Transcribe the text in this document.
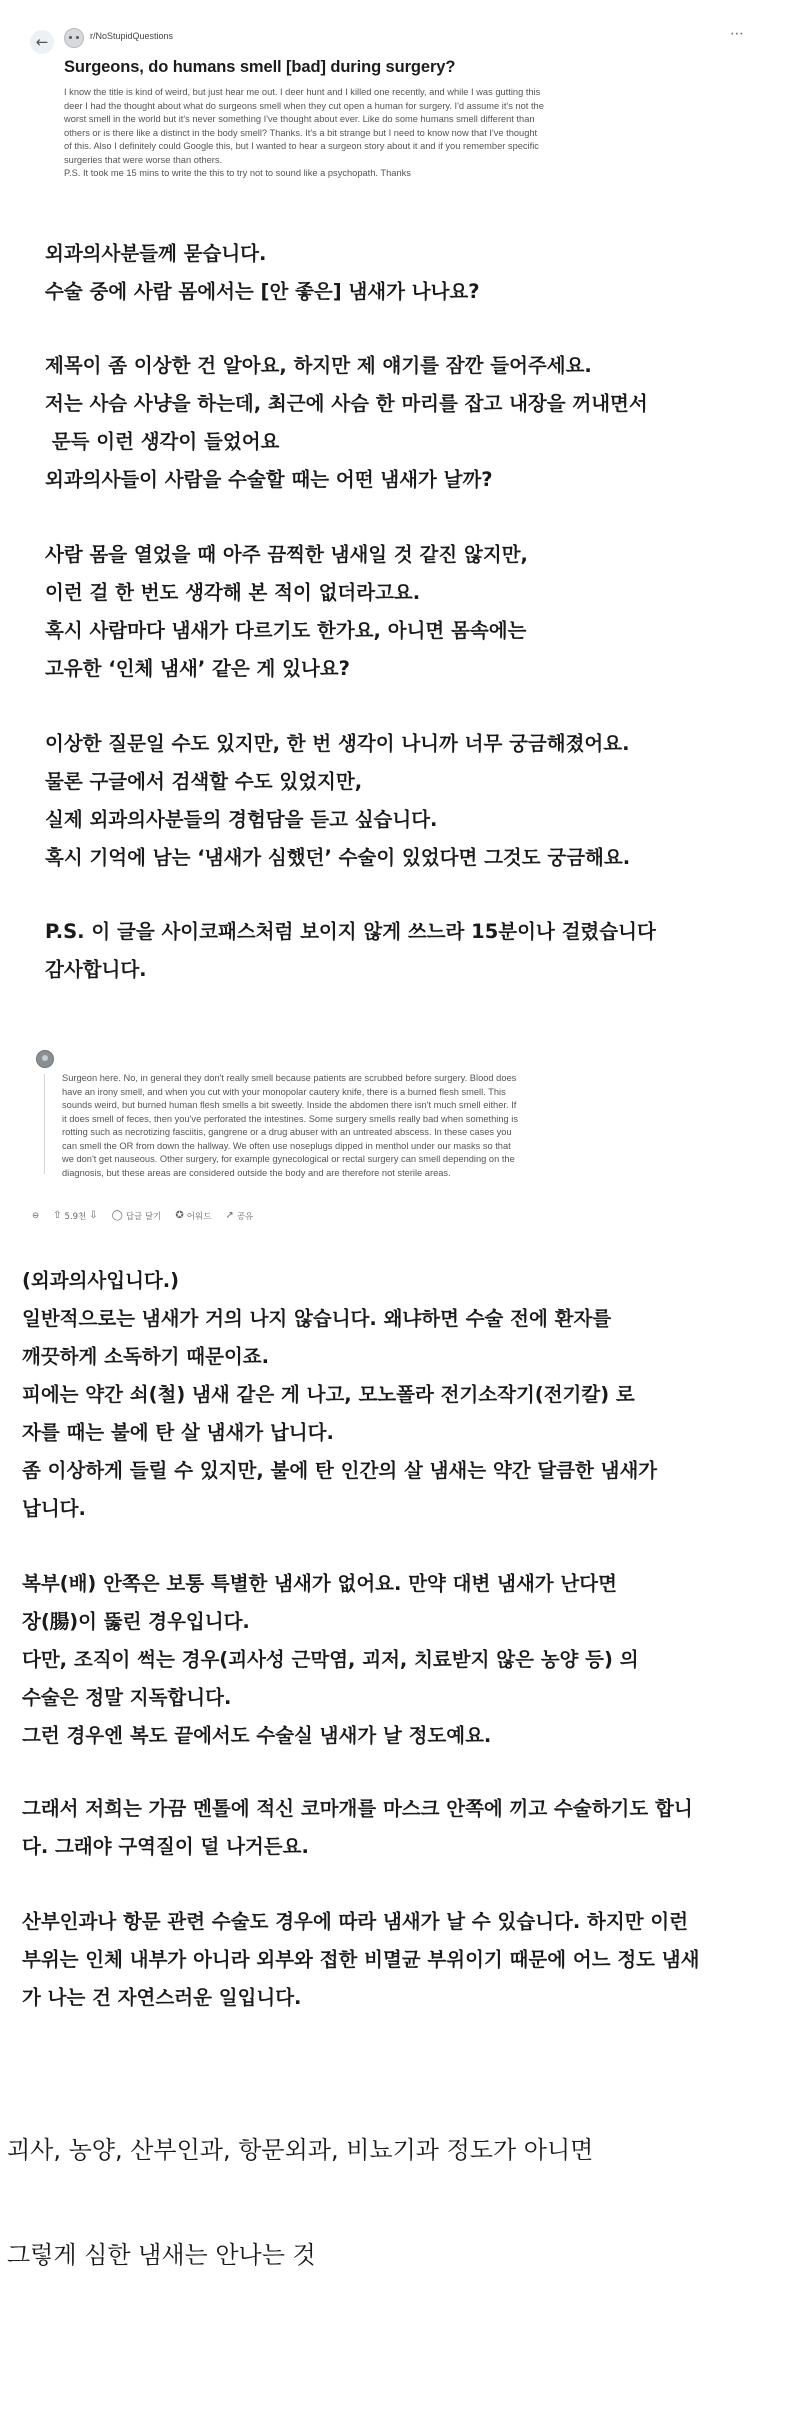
←	r/NoStupidQuestions	⋯
Surgeons, do humans smell [bad] during surgery?
I know the title is kind of weird, but just hear me out. I deer hunt and I killed one recently, and while I was gutting this
deer I had the thought about what do surgeons smell when they cut open a human for surgery. I'd assume it's not the
worst smell in the world but it's never something I've thought about ever. Like do some humans smell different than
others or is there like a distinct in the body smell? Thanks. It's a bit strange but I need to know now that I've thought
of this. Also I definitely could Google this, but I wanted to hear a surgeon story about it and if you remember specific
surgeries that were worse than others.
P.S. It took me 15 mins to write the this to try not to sound like a psychopath. Thanks

외과의사분들께 묻습니다.

수술 중에 사람 몸에서는 [안 좋은] 냄새가 나나요?

제목이 좀 이상한 건 알아요, 하지만 제 얘기를 잠깐 들어주세요.

저는 사슴 사냥을 하는데, 최근에 사슴 한 마리를 잡고 내장을 꺼내면서

문득 이런 생각이 들었어요

외과의사들이 사람을 수술할 때는 어떤 냄새가 날까?

사람 몸을 열었을 때 아주 끔찍한 냄새일 것 같진 않지만,

이런 걸 한 번도 생각해 본 적이 없더라고요.

혹시 사람마다 냄새가 다르기도 한가요, 아니면 몸속에는

고유한 ‘인체 냄새’ 같은 게 있나요?

이상한 질문일 수도 있지만, 한 번 생각이 나니까 너무 궁금해졌어요.

물론 구글에서 검색할 수도 있었지만,

실제 외과의사분들의 경험담을 듣고 싶습니다.

혹시 기억에 남는 ‘냄새가 심했던’ 수술이 있었다면 그것도 궁금해요.

P.S. 이 글을 사이코패스처럼 보이지 않게 쓰느라 15분이나 걸렸습니다

감사합니다.

Surgeon here. No, in general they don't really smell because patients are scrubbed before surgery. Blood does
have an irony smell, and when you cut with your monopolar cautery knife, there is a burned flesh smell. This
sounds weird, but burned human flesh smells a bit sweetly. Inside the abdomen there isn't much smell either. If
it does smell of feces, then you've perforated the intestines. Some surgery smells really bad when something is
rotting such as necrotizing fasciitis, gangrene or a drug abuser with an untreated abscess. In these cases you
can smell the OR from down the hallway. We often use noseplugs dipped in menthol under our masks so that
we don't get nauseous. Other surgery, for example gynecological or rectal surgery can smell depending on the
diagnosis, but these areas are considered outside the body and are therefore not sterile areas.
⊖ ⇧ 5.9천 ⇩ ◯ 답글 달기 ✪ 어워드 ↗ 공유

(외과의사입니다.)

일반적으로는 냄새가 거의 나지 않습니다. 왜냐하면 수술 전에 환자를

깨끗하게 소독하기 때문이죠.

피에는 약간 쇠(철) 냄새 같은 게 나고, 모노폴라 전기소작기(전기칼) 로

자를 때는 불에 탄 살 냄새가 납니다.

좀 이상하게 들릴 수 있지만, 불에 탄 인간의 살 냄새는 약간 달큼한 냄새가

납니다.

복부(배) 안쪽은 보통 특별한 냄새가 없어요. 만약 대변 냄새가 난다면

장(腸)이 뚫린 경우입니다.

다만, 조직이 썩는 경우(괴사성 근막염, 괴저, 치료받지 않은 농양 등) 의

수술은 정말 지독합니다.

그런 경우엔 복도 끝에서도 수술실 냄새가 날 정도예요.

그래서 저희는 가끔 멘톨에 적신 코마개를 마스크 안쪽에 끼고 수술하기도 합니

다. 그래야 구역질이 덜 나거든요.

산부인과나 항문 관련 수술도 경우에 따라 냄새가 날 수 있습니다. 하지만 이런

부위는 인체 내부가 아니라 외부와 접한 비멸균 부위이기 때문에 어느 정도 냄새

가 나는 건 자연스러운 일입니다.

괴사, 농양, 산부인과, 항문외과, 비뇨기과 정도가 아니면
그렇게 심한 냄새는 안나는 것
